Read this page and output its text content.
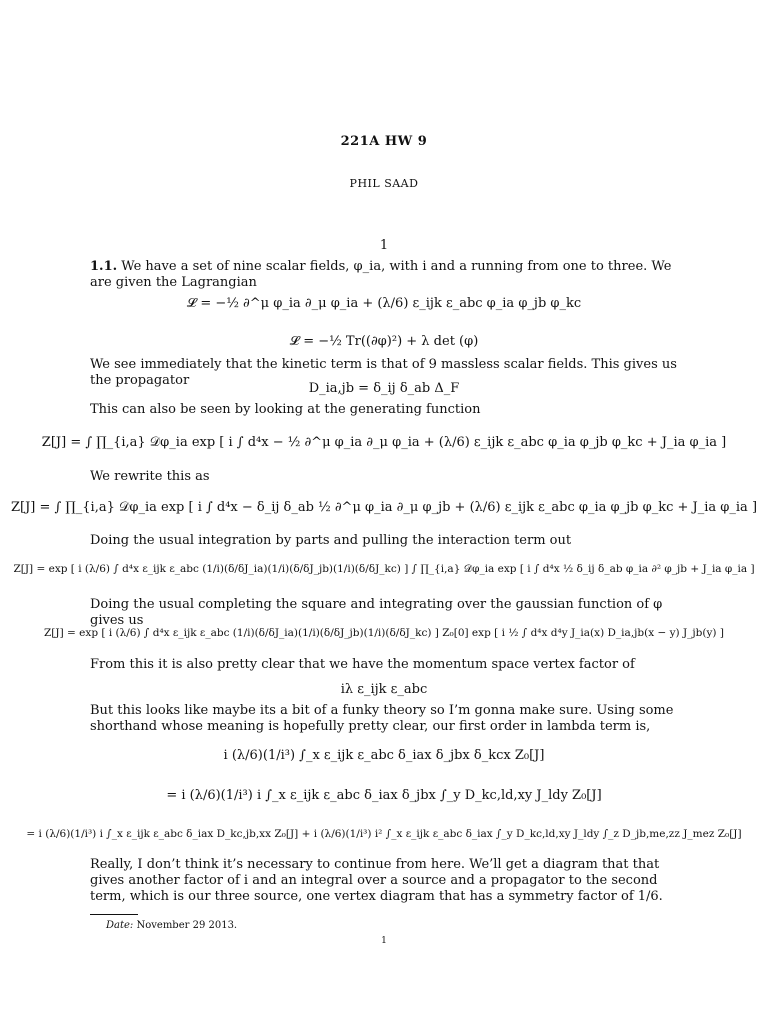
221A HW 9
PHIL SAAD
1
1.1. We have a set of nine scalar fields, φ_ia, with i and a running from one to three. We are given the Lagrangian
𝓛 = −½ ∂^μ φ_ia ∂_μ φ_ia + (λ/6) ε_ijk ε_abc φ_ia φ_jb φ_kc
𝓛 = −½ Tr((∂φ)²) + λ det (φ)
We see immediately that the kinetic term is that of 9 massless scalar fields. This gives us the propagator
D_ia,jb = δ_ij δ_ab Δ_F
This can also be seen by looking at the generating function
Z[J] = ∫ ∏_{i,a} 𝒟φ_ia exp [ i ∫ d⁴x − ½ ∂^μ φ_ia ∂_μ φ_ia + (λ/6) ε_ijk ε_abc φ_ia φ_jb φ_kc + J_ia φ_ia ]
We rewrite this as
Z[J] = ∫ ∏_{i,a} 𝒟φ_ia exp [ i ∫ d⁴x − δ_ij δ_ab ½ ∂^μ φ_ia ∂_μ φ_jb + (λ/6) ε_ijk ε_abc φ_ia φ_jb φ_kc + J_ia φ_ia ]
Doing the usual integration by parts and pulling the interaction term out
Z[J] = exp [ i (λ/6) ∫ d⁴x ε_ijk ε_abc (1/i)(δ/δJ_ia)(1/i)(δ/δJ_jb)(1/i)(δ/δJ_kc) ] ∫ ∏_{i,a} 𝒟φ_ia exp [ i ∫ d⁴x ½ δ_ij δ_ab φ_ia ∂² φ_jb + J_ia φ_ia ]
Doing the usual completing the square and integrating over the gaussian function of φ gives us
Z[J] = exp [ i (λ/6) ∫ d⁴x ε_ijk ε_abc (1/i)(δ/δJ_ia)(1/i)(δ/δJ_jb)(1/i)(δ/δJ_kc) ] Z₀[0] exp [ i ½ ∫ d⁴x d⁴y J_ia(x) D_ia,jb(x − y) J_jb(y) ]
From this it is also pretty clear that we have the momentum space vertex factor of
iλ ε_ijk ε_abc
But this looks like maybe its a bit of a funky theory so I’m gonna make sure. Using some shorthand whose meaning is hopefully pretty clear, our first order in lambda term is,
i (λ/6)(1/i³) ∫_x ε_ijk ε_abc δ_iax δ_jbx δ_kcx Z₀[J]
= i (λ/6)(1/i³) i ∫_x ε_ijk ε_abc δ_iax δ_jbx ∫_y D_kc,ld,xy J_ldy Z₀[J]
= i (λ/6)(1/i³) i ∫_x ε_ijk ε_abc δ_iax D_kc,jb,xx Z₀[J] + i (λ/6)(1/i³) i² ∫_x ε_ijk ε_abc δ_iax ∫_y D_kc,ld,xy J_ldy ∫_z D_jb,me,zz J_mez Z₀[J]
Really, I don’t think it’s necessary to continue from here. We’ll get a diagram that that gives another factor of i and an integral over a source and a propagator to the second term, which is our three source, one vertex diagram that has a symmetry factor of 1/6.
Date: November 29 2013.
1
